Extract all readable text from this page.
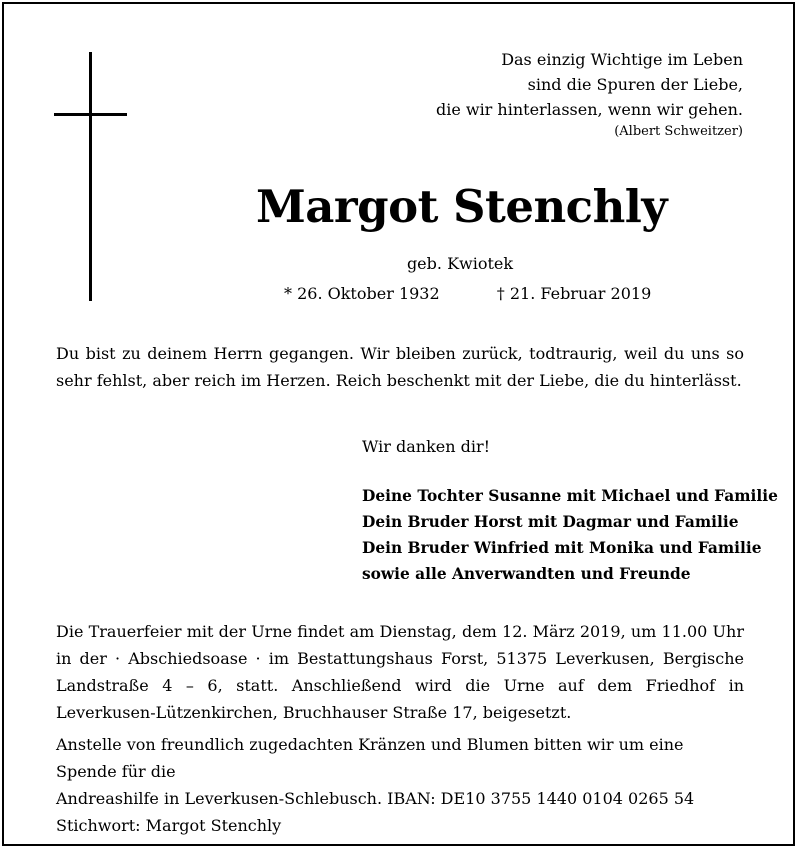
Das einzig Wichtige im Leben
sind die Spuren der Liebe,
die wir hinterlassen, wenn wir gehen.
(Albert Schweitzer)
Margot Stenchly
geb. Kwiotek
* 26. Oktober 1932	† 21. Februar 2019
Du bist zu deinem Herrn gegangen. Wir bleiben zurück, todtraurig, weil du uns so sehr fehlst, aber reich im Herzen. Reich beschenkt mit der Liebe, die du hinterlässt.
Wir danken dir!
Deine Tochter Susanne mit Michael und Familie
Dein Bruder Horst mit Dagmar und Familie
Dein Bruder Winfried mit Monika und Familie
sowie alle Anverwandten und Freunde
Die Trauerfeier mit der Urne findet am Dienstag, dem 12. März 2019, um 11.00 Uhr in der · Abschiedsoase · im Bestattungshaus Forst, 51375 Leverkusen, Bergische Landstraße 4 – 6, statt. Anschließend wird die Urne auf dem Friedhof in Leverkusen-Lützenkirchen, Bruchhauser Straße 17, beigesetzt.
Anstelle von freundlich zugedachten Kränzen und Blumen bitten wir um eine Spende für die
Andreashilfe in Leverkusen-Schlebusch. IBAN: DE10 3755 1440 0104 0265 54
Stichwort: Margot Stenchly
